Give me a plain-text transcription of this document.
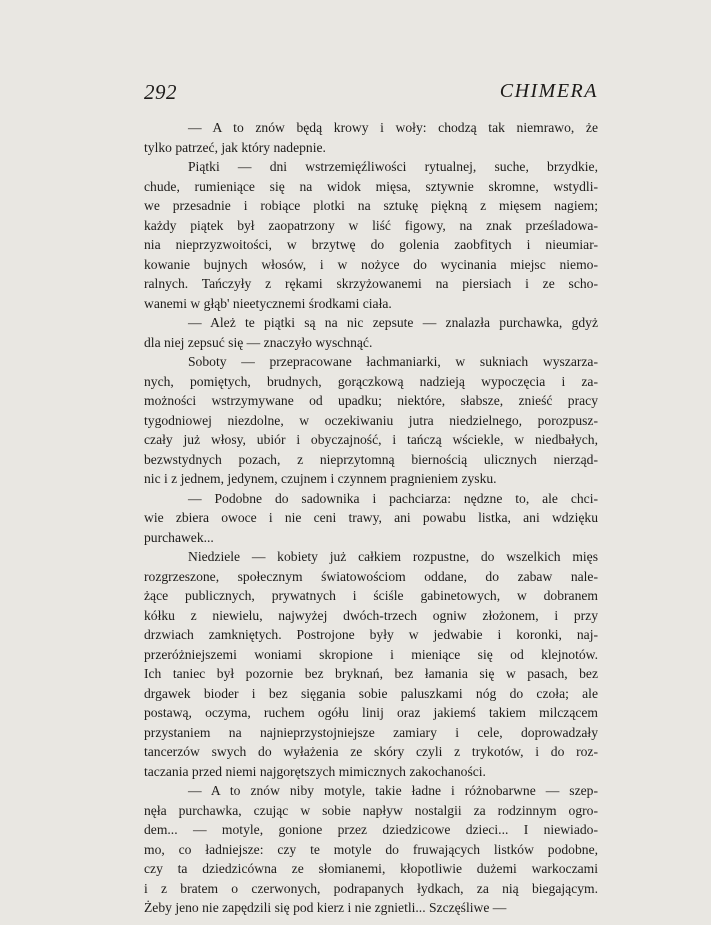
292	CHIMERA
— A to znów będą krowy i woły: chodzą tak niemrawo, że
tylko patrzeć, jak który nadepnie.
Piątki — dni wstrzemięźliwości rytualnej, suche, brzydkie,
chude, rumieniące się na widok mięsa, sztywnie skromne, wstydli-
we przesadnie i robiące plotki na sztukę piękną z mięsem nagiem;
każdy piątek był zaopatrzony w liść figowy, na znak prześladowa-
nia nieprzyzwoitości, w brzytwę do golenia zaobfitych i nieumiar-
kowanie bujnych włosów, i w nożyce do wycinania miejsc niemo-
ralnych. Tańczyły z rękami skrzyżowanemi na piersiach i ze scho-
wanemi w głąb' nieetycznemi środkami ciała.
— Ależ te piątki są na nic zepsute — znalazła purchawka, gdyż
dla niej zepsuć się — znaczyło wyschnąć.
Soboty — przepracowane łachmaniarki, w sukniach wyszarza-
nych, pomiętych, brudnych, gorączkową nadzieją wypoczęcia i za-
możności wstrzymywane od upadku; niektóre, słabsze, znieść pracy
tygodniowej niezdolne, w oczekiwaniu jutra niedzielnego, porozpusz-
czały już włosy, ubiór i obyczajność, i tańczą wściekle, w niedbałych,
bezwstydnych pozach, z nieprzytomną biernością ulicznych nierząd-
nic i z jednem, jedynem, czujnem i czynnem pragnieniem zysku.
— Podobne do sadownika i pachciarza: nędzne to, ale chci-
wie zbiera owoce i nie ceni trawy, ani powabu listka, ani wdzięku
purchawek...
Niedziele — kobiety już całkiem rozpustne, do wszelkich mięs
rozgrzeszone, społecznym światowościom oddane, do zabaw nale-
żące publicznych, prywatnych i ściśle gabinetowych, w dobranem
kółku z niewielu, najwyżej dwóch-trzech ogniw złożonem, i przy
drzwiach zamkniętych. Postrojone były w jedwabie i koronki, naj-
przeróżniejszemi woniami skropione i mieniące się od klejnotów.
Ich taniec był pozornie bez bryknań, bez łamania się w pasach, bez
drgawek bioder i bez sięgania sobie paluszkami nóg do czoła; ale
postawą, oczyma, ruchem ogółu linij oraz jakiemś takiem milczącem
przystaniem na najnieprzystojniejsze zamiary i cele, doprowadzały
tancerzów swych do wyłażenia ze skóry czyli z trykotów, i do roz-
taczania przed niemi najgorętszych mimicznych zakochaności.
— A to znów niby motyle, takie ładne i różnobarwne — szep-
nęła purchawka, czując w sobie napływ nostalgii za rodzinnym ogro-
dem... — motyle, gonione przez dziedzicowe dzieci... I niewiado-
mo, co ładniejsze: czy te motyle do fruwających listków podobne,
czy ta dziedzicówna ze słomianemi, kłopotliwie dużemi warkoczami
i z bratem o czerwonych, podrapanych łydkach, za nią biegającym.
Żeby jeno nie zapędzili się pod kierz i nie zgnietli... Szczęśliwe —
